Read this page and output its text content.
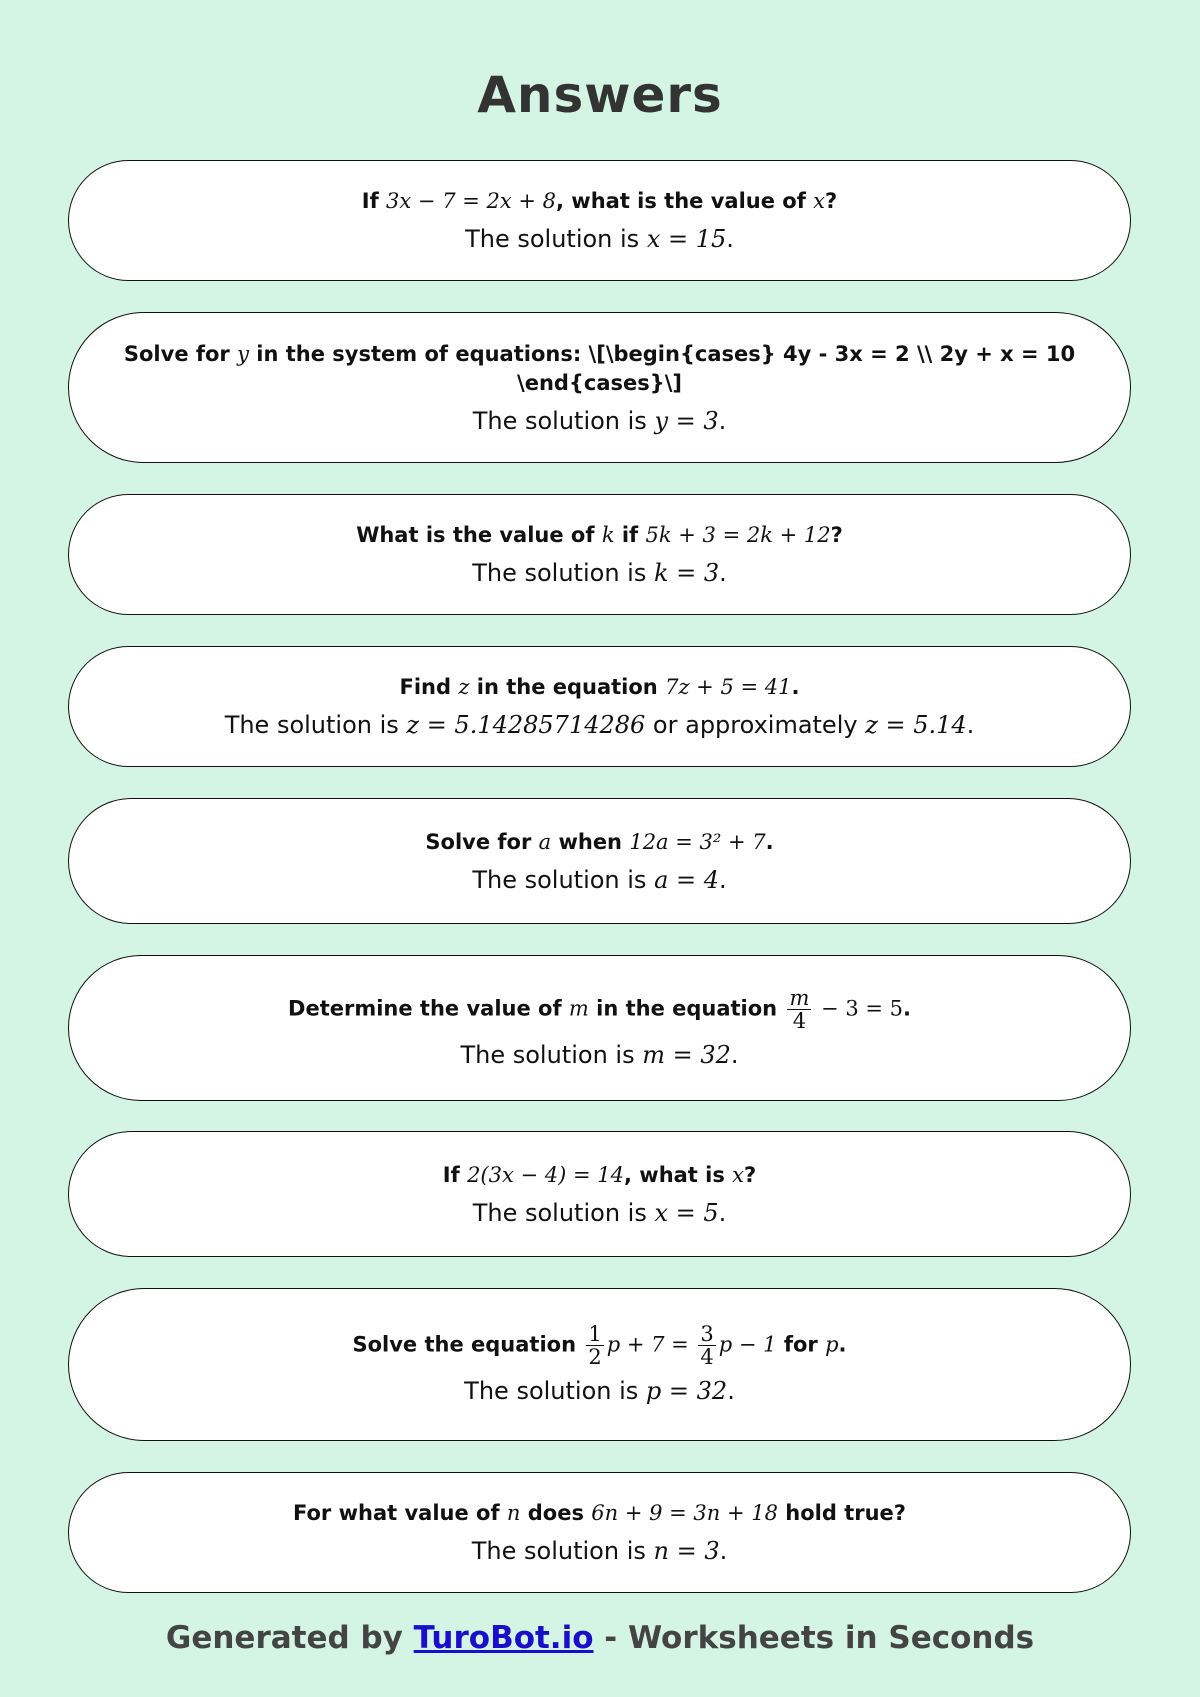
Answers

If 3x − 7 = 2x + 8, what is the value of x?

The solution is x = 15.

Solve for y in the system of equations: \[\begin{cases} 4y - 3x = 2 \\ 2y + x = 10 \end{cases}\]

The solution is y = 3.

What is the value of k if 5k + 3 = 2k + 12?

The solution is k = 3.

Find z in the equation 7z + 5 = 41.

The solution is z = 5.14285714286 or approximately z = 5.14.

Solve for a when 12a = 3² + 7.

The solution is a = 4.

Determine the value of m in the equation $\frac{m}{4} - 3 = 5$.

The solution is m = 32.

If 2(3x − 4) = 14, what is x?

The solution is x = 5.

Solve the equation $\frac{1}{2}$ $p + 7 = \frac{3}{4}$ p − 1 for p.

The solution is p = 32.

For what value of n does 6n + 9 = 3n + 18 hold true?

The solution is n = 3.

Generated by TuroBot.io - Worksheets in Seconds
